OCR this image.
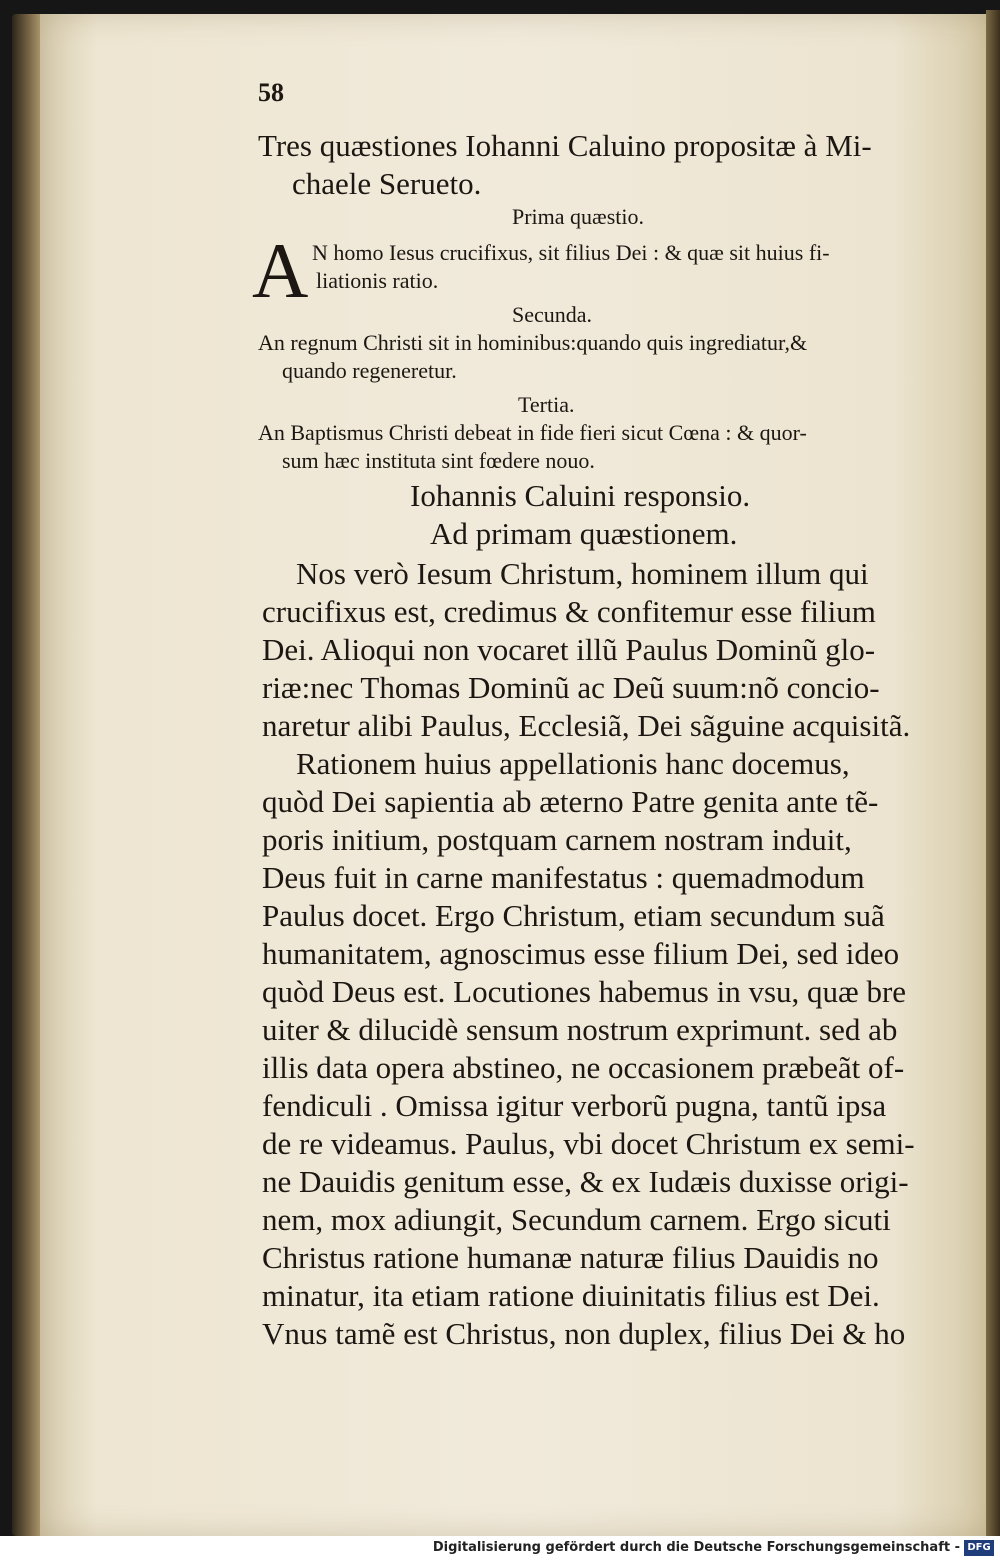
58
Tres quæstiones Iohanni Caluino propositæ à Mi-
chaele Serueto.
Prima quæstio.
A N homo Iesus crucifixus, sit filius Dei : & quæ sit huius fi-
liationis ratio.
Secunda.
An regnum Christi sit in hominibus:quando quis ingrediatur,&
quando regeneretur.
Tertia.
An Baptismus Christi debeat in fide fieri sicut Cœna : & quor-
sum hæc instituta sint fœdere nouo.
Iohannis Caluini responsio.
Ad primam quæstionem.
Nos verò Iesum Christum, hominem illum qui
crucifixus est, credimus & confitemur esse filium
Dei. Alioqui non vocaret illũ Paulus Dominũ glo-
riæ:nec Thomas Dominũ ac Deũ suum:nõ concio-
naretur alibi Paulus, Ecclesiã, Dei sãguine acquisitã.
Rationem huius appellationis hanc docemus,
quòd Dei sapientia ab æterno Patre genita ante tẽ-
poris initium, postquam carnem nostram induit,
Deus fuit in carne manifestatus : quemadmodum
Paulus docet. Ergo Christum, etiam secundum suã
humanitatem, agnoscimus esse filium Dei, sed ideo
quòd Deus est. Locutiones habemus in vsu, quæ bre
uiter & dilucidè sensum nostrum exprimunt. sed ab
illis data opera abstineo, ne occasionem præbeãt of-
fendiculi . Omissa igitur verborũ pugna, tantũ ipsa
de re videamus. Paulus, vbi docet Christum ex semi-
ne Dauidis genitum esse, & ex Iudæis duxisse origi-
nem, mox adiungit, Secundum carnem. Ergo sicuti
Christus ratione humanæ naturæ filius Dauidis no
minatur, ita etiam ratione diuinitatis filius est Dei.
Vnus tamẽ est Christus, non duplex, filius Dei & ho
Digitalisierung gefördert durch die Deutsche Forschungsgemeinschaft - DFG
